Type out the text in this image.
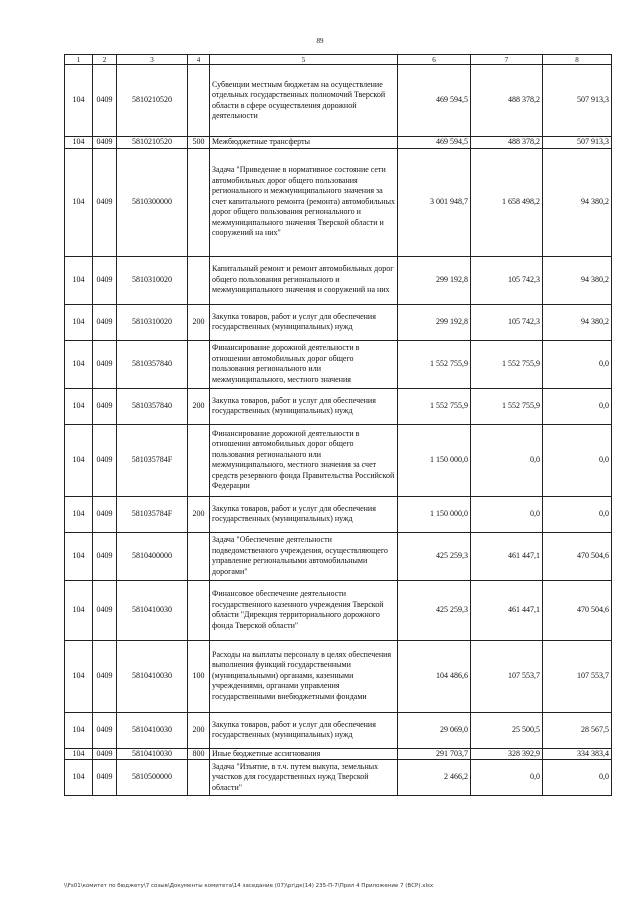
89
1	2	3	4	5	6	7	8
104	0409	5810210520		Субвенции местным бюджетам на осуществление отдельных государственных полномочий Тверской области в сфере осуществления дорожной деятельности	469 594,5	488 378,2	507 913,3
104	0409	5810210520	500	Межбюджетные трансферты	469 594,5	488 378,2	507 913,3
104	0409	5810300000		Задача "Приведение в нормативное состояние сети автомобильных дорог общего пользования регионального и межмуниципального значения за счет капитального ремонта (ремонта) автомобильных дорог общего пользования регионального и межмуниципального значения Тверской области и сооружений на них"	3 001 948,7	1 658 498,2	94 380,2
104	0409	5810310020		Капитальный ремонт и ремонт автомобильных дорог общего пользования регионального и межмуниципального значения и сооружений на них	299 192,8	105 742,3	94 380,2
104	0409	5810310020	200	Закупка товаров, работ и услуг для обеспечения государственных (муниципальных) нужд	299 192,8	105 742,3	94 380,2
104	0409	5810357840		Финансирование дорожной деятельности в отношении автомобильных дорог общего пользования регионального или межмуниципального, местного значения	1 552 755,9	1 552 755,9	0,0
104	0409	5810357840	200	Закупка товаров, работ и услуг для обеспечения государственных (муниципальных) нужд	1 552 755,9	1 552 755,9	0,0
104	0409	581035784F		Финансирование дорожной деятельности в отношении автомобильных дорог общего пользования регионального или межмуниципального, местного значения за счет средств резервного фонда Правительства Российской Федерации	1 150 000,0	0,0	0,0
104	0409	581035784F	200	Закупка товаров, работ и услуг для обеспечения государственных (муниципальных) нужд	1 150 000,0	0,0	0,0
104	0409	5810400000		Задача "Обеспечение деятельности подведомственного учреждения, осуществляющего управление региональными автомобильными дорогами"	425 259,3	461 447,1	470 504,6
104	0409	5810410030		Финансовое обеспечение деятельности государственного казенного учреждения Тверской области "Дирекция территориального дорожного фонда Тверской области"	425 259,3	461 447,1	470 504,6
104	0409	5810410030	100	Расходы на выплаты персоналу в целях обеспечения выполнения функций государственными (муниципальными) органами, казенными учреждениями, органами управления государственными внебюджетными фондами	104 486,6	107 553,7	107 553,7
104	0409	5810410030	200	Закупка товаров, работ и услуг для обеспечения государственных (муниципальных) нужд	29 069,0	25 500,5	28 567,5
104	0409	5810410030	800	Иные бюджетные ассигнования	291 703,7	328 392,9	334 383,4
104	0409	5810500000		Задача "Изъятие, в т.ч. путем выкупа, земельных участков для государственных нужд Тверской области"	2 466,2	0,0	0,0
\\Fs01\комитет по бюджету\7 созыв\Документы комитета\14 заседание (07)\pr\дк(14) 235-П-7\Прил 4 Приложение 7 (ВСР).xlsx
